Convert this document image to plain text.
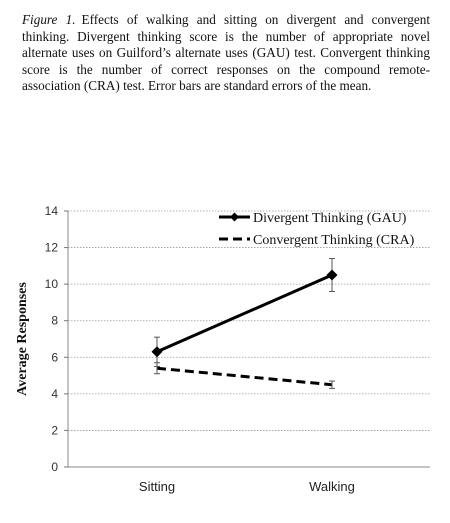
Figure 1. Effects of walking and sitting on divergent and convergent thinking. Divergent thinking score is the number of appropriate novel alternate uses on Guilford’s alternate uses (GAU) test. Convergent thinking score is the number of correct responses on the compound remote-association (CRA) test. Error bars are standard errors of the mean.
0
2
4
6
8
10
12
14
Sitting	Walking
Average Responses
Divergent Thinking (GAU)
Convergent Thinking (CRA)
